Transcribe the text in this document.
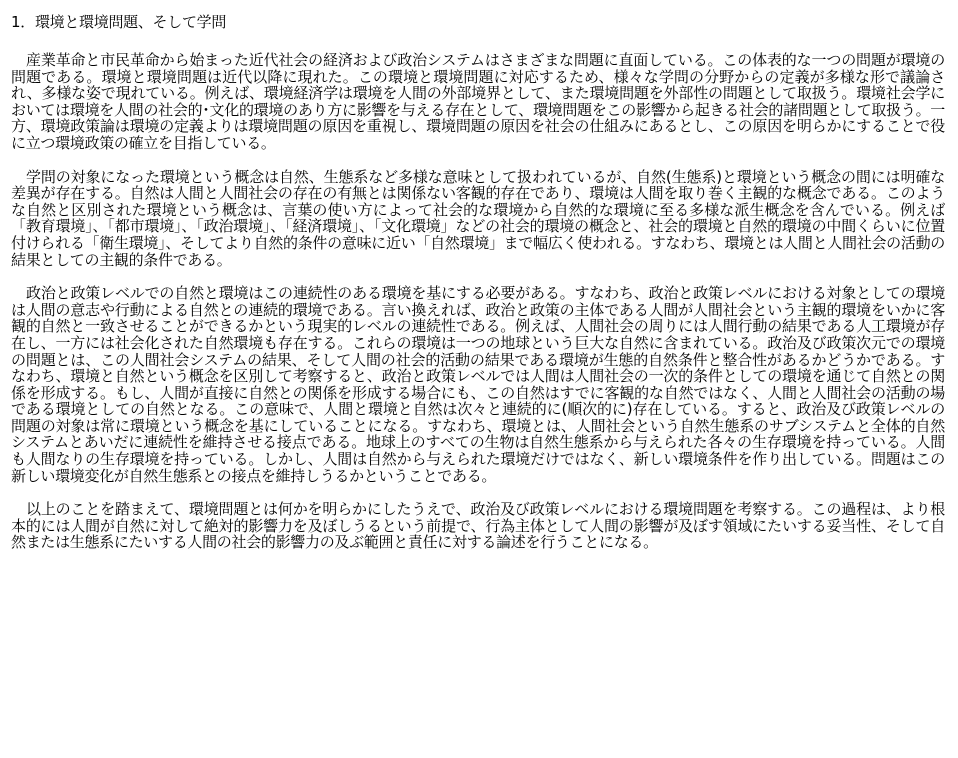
1．環境と環境問題、そして学問

産業革命と市民革命から始まった近代社会の経済および政治システムはさまざまな問題に直面している。この体表的な一つの問題が環境の問題である。環境と環境問題は近代以降に現れた。この環境と環境問題に対応するため、様々な学問の分野からの定義が多様な形で議論され、多様な姿で現れている。例えば、環境経済学は環境を人間の外部境界として、また環境問題を外部性の問題として取扱う。環境社会学においては環境を人間の社会的･文化的環境のあり方に影響を与える存在として、環境問題をこの影響から起きる社会的諸問題として取扱う。一方、環境政策論は環境の定義よりは環境問題の原因を重視し、環境問題の原因を社会の仕組みにあるとし、この原因を明らかにすることで役に立つ環境政策の確立を目指している。

学問の対象になった環境という概念は自然、生態系など多様な意味として扱われているが、自然(生態系)と環境という概念の間には明確な差異が存在する。自然は人間と人間社会の存在の有無とは関係ない客観的存在であり、環境は人間を取り巻く主観的な概念である。このような自然と区別された環境という概念は、言葉の使い方によって社会的な環境から自然的な環境に至る多様な派生概念を含んでいる。例えば「教育環境」、「都市環境」、「政治環境」、「経済環境」、「文化環境」などの社会的環境の概念と、社会的環境と自然的環境の中間くらいに位置付けられる「衛生環境」、そしてより自然的条件の意味に近い「自然環境」まで幅広く使われる。すなわち、環境とは人間と人間社会の活動の結果としての主観的条件である。

政治と政策レベルでの自然と環境はこの連続性のある環境を基にする必要がある。すなわち、政治と政策レベルにおける対象としての環境は人間の意志や行動による自然との連続的環境である。言い換えれば、政治と政策の主体である人間が人間社会という主観的環境をいかに客観的自然と一致させることができるかという現実的レベルの連続性である。例えば、人間社会の周りには人間行動の結果である人工環境が存在し、一方には社会化された自然環境も存在する。これらの環境は一つの地球という巨大な自然に含まれている。政治及び政策次元での環境の問題とは、この人間社会システムの結果、そして人間の社会的活動の結果である環境が生態的自然条件と整合性があるかどうかである。すなわち、環境と自然という概念を区別して考察すると、政治と政策レベルでは人間は人間社会の一次的条件としての環境を通じて自然との関係を形成する。もし、人間が直接に自然との関係を形成する場合にも、この自然はすでに客観的な自然ではなく、人間と人間社会の活動の場である環境としての自然となる。この意味で、人間と環境と自然は次々と連続的に(順次的に)存在している。すると、政治及び政策レベルの問題の対象は常に環境という概念を基にしていることになる。すなわち、環境とは、人間社会という自然生態系のサブシステムと全体的自然システムとあいだに連続性を維持させる接点である。地球上のすべての生物は自然生態系から与えられた各々の生存環境を持っている。人間も人間なりの生存環境を持っている。しかし、人間は自然から与えられた環境だけではなく、新しい環境条件を作り出している。問題はこの新しい環境変化が自然生態系との接点を維持しうるかということである。

以上のことを踏まえて、環境問題とは何かを明らかにしたうえで、政治及び政策レベルにおける環境問題を考察する。この過程は、より根本的には人間が自然に対して絶対的影響力を及ぼしうるという前提で、行為主体として人間の影響が及ぼす領域にたいする妥当性、そして自然または生態系にたいする人間の社会的影響力の及ぶ範囲と責任に対する論述を行うことになる。
